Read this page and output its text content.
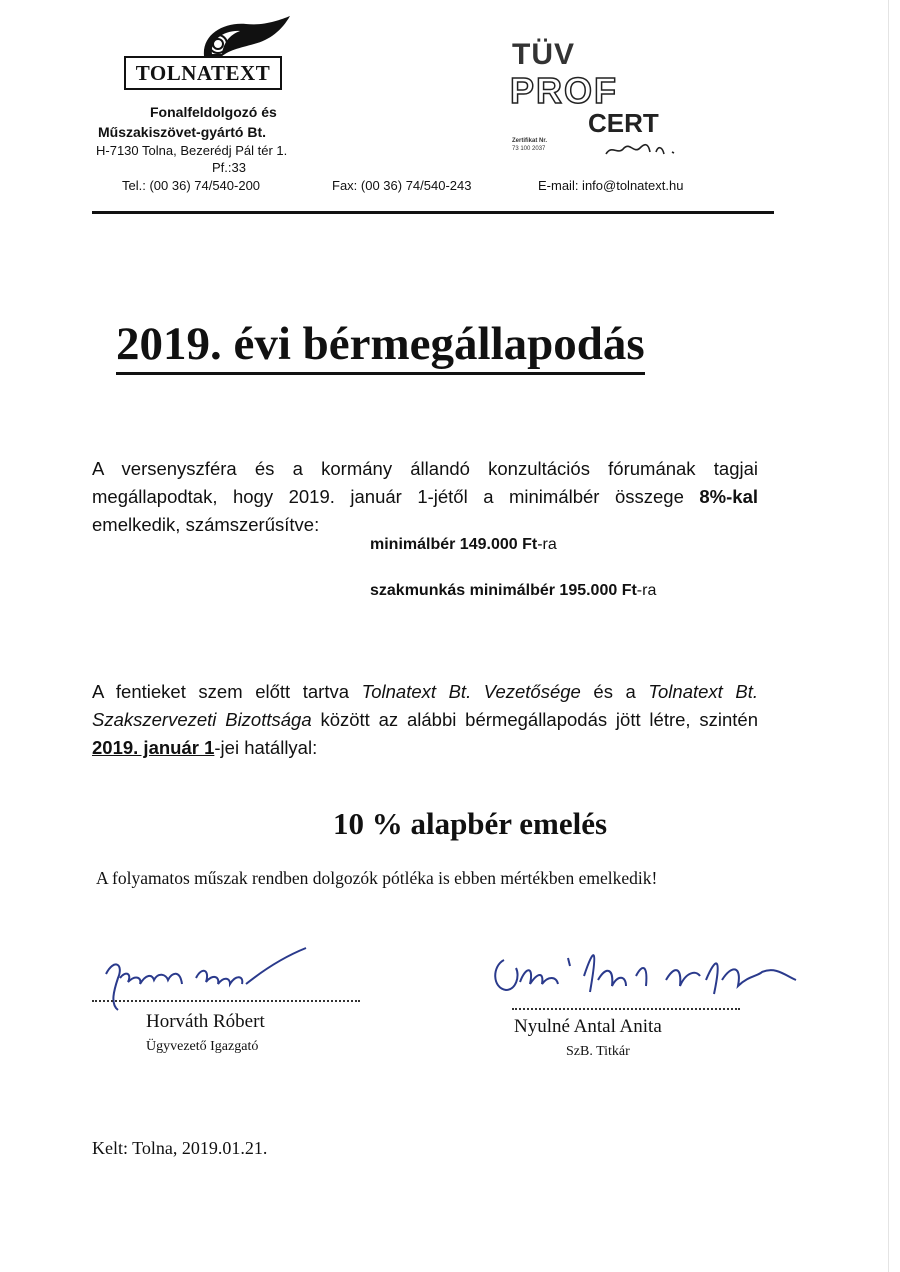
TOLNATEXT
Fonalfeldolgozó és
Műszakiszövet-gyártó Bt.
H-7130 Tolna, Bezerédj Pál tér 1.
Pf.:33
Tel.: (00 36) 74/540-200	Fax: (00 36) 74/540-243	E-mail: info@tolnatext.hu
TÜV
PROF
CERT
Zertifikat Nr.
73 100 2037
2019. évi bérmegállapodás
A versenyszféra és a kormány állandó konzultációs fórumának tagjai megállapodtak, hogy 2019. január 1-jétől a minimálbér összege 8%-kal emelkedik, számszerűsítve:
minimálbér 149.000 Ft-ra
szakmunkás minimálbér 195.000 Ft-ra
A fentieket szem előtt tartva Tolnatext Bt. Vezetősége és a Tolnatext Bt. Szakszervezeti Bizottsága között az alábbi bérmegállapodás jött létre, szintén 2019. január 1-jei hatállyal:
10 % alapbér emelés
A folyamatos műszak rendben dolgozók pótléka is ebben mértékben emelkedik!
Horváth Róbert
Ügyvezető Igazgató
Nyulné Antal Anita
SzB. Titkár
Kelt: Tolna, 2019.01.21.
